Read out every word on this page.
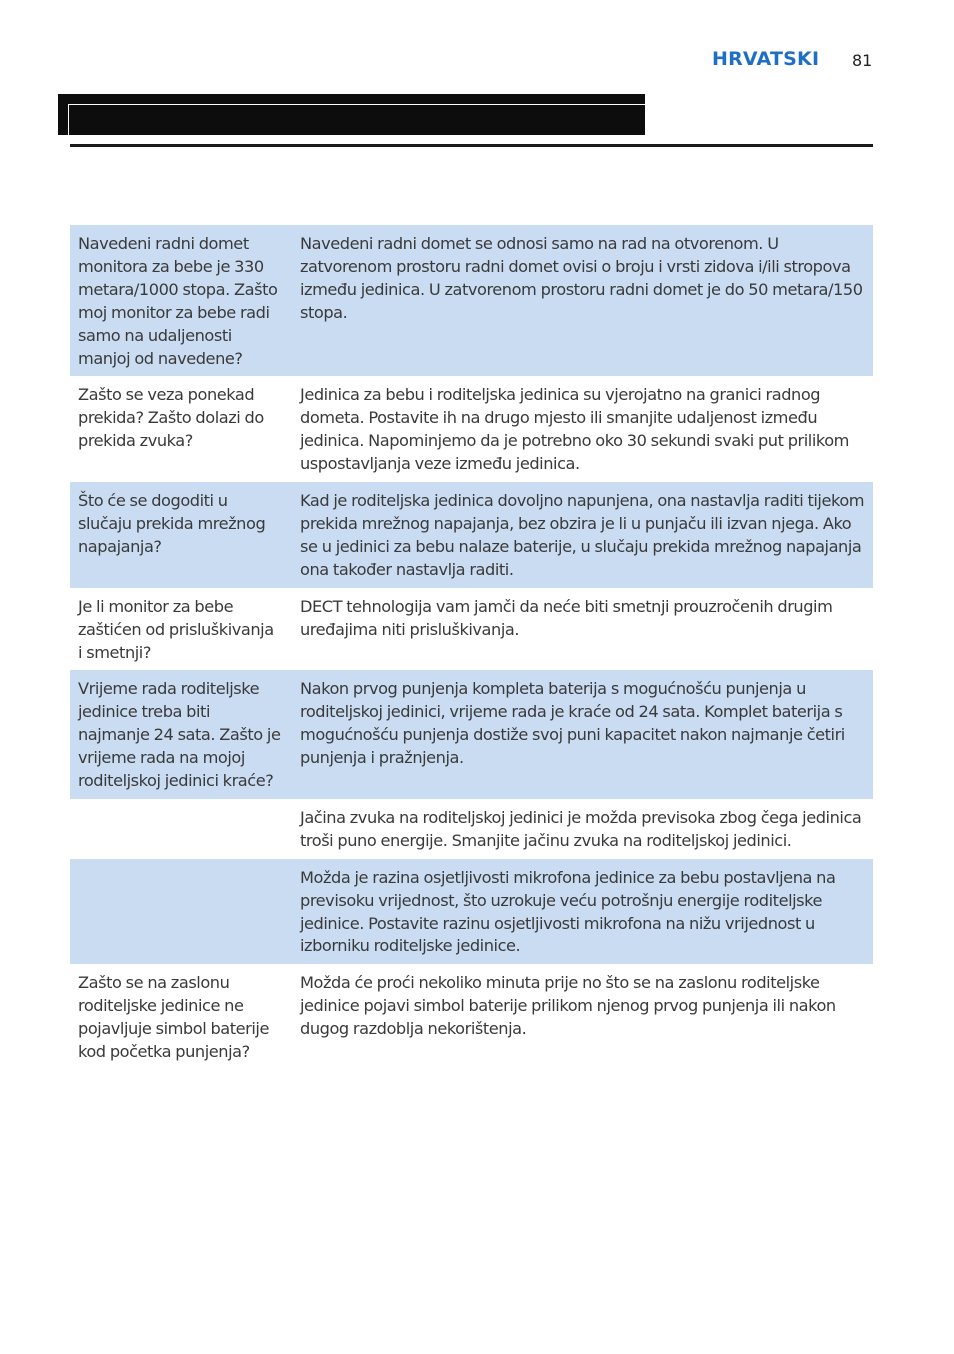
HRVATSKI 81
Navedeni radni domet monitora za bebe je 330 metara/1000 stopa. Zašto moj monitor za bebe radi samo na udaljenosti manjoj od navedene?	Navedeni radni domet se odnosi samo na rad na otvorenom. U zatvorenom prostoru radni domet ovisi o broju i vrsti zidova i/ili stropova između jedinica. U zatvorenom prostoru radni domet je do 50 metara/150 stopa.
Zašto se veza ponekad prekida? Zašto dolazi do prekida zvuka?	Jedinica za bebu i roditeljska jedinica su vjerojatno na granici radnog dometa. Postavite ih na drugo mjesto ili smanjite udaljenost između jedinica. Napominjemo da je potrebno oko 30 sekundi svaki put prilikom uspostavljanja veze između jedinica.
Što će se dogoditi u slučaju prekida mrežnog napajanja?	Kad je roditeljska jedinica dovoljno napunjena, ona nastavlja raditi tijekom prekida mrežnog napajanja, bez obzira je li u punjaču ili izvan njega. Ako se u jedinici za bebu nalaze baterije, u slučaju prekida mrežnog napajanja ona također nastavlja raditi.
Je li monitor za bebe zaštićen od prisluškivanja i smetnji?	DECT tehnologija vam jamči da neće biti smetnji prouzročenih drugim uređajima niti prisluškivanja.
Vrijeme rada roditeljske jedinice treba biti najmanje 24 sata. Zašto je vrijeme rada na mojoj roditeljskoj jedinici kraće?	Nakon prvog punjenja kompleta baterija s mogućnošću punjenja u roditeljskoj jedinici, vrijeme rada je kraće od 24 sata. Komplet baterija s mogućnošću punjenja dostiže svoj puni kapacitet nakon najmanje četiri punjenja i pražnjenja.
	Jačina zvuka na roditeljskoj jedinici je možda previsoka zbog čega jedinica troši puno energije. Smanjite jačinu zvuka na roditeljskoj jedinici.
	Možda je razina osjetljivosti mikrofona jedinice za bebu postavljena na previsoku vrijednost, što uzrokuje veću potrošnju energije roditeljske jedinice. Postavite razinu osjetljivosti mikrofona na nižu vrijednost u izborniku roditeljske jedinice.
Zašto se na zaslonu roditeljske jedinice ne pojavljuje simbol baterije kod početka punjenja?	Možda će proći nekoliko minuta prije no što se na zaslonu roditeljske jedinice pojavi simbol baterije prilikom njenog prvog punjenja ili nakon dugog razdoblja nekorištenja.
